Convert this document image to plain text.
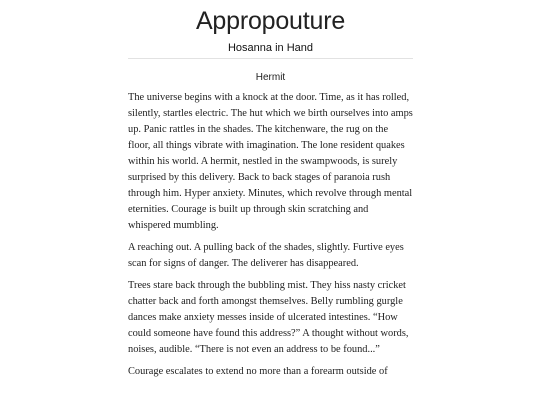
Appropouture
Hosanna in Hand
Hermit

The universe begins with a knock at the door. Time, as it has rolled, silently, startles electric. The hut which we birth ourselves into amps up. Panic rattles in the shades. The kitchenware, the rug on the floor, all things vibrate with imagination. The lone resident quakes within his world. A hermit, nestled in the swampwoods, is surely surprised by this delivery. Back to back stages of paranoia rush through him. Hyper anxiety. Minutes, which revolve through mental eternities. Courage is built up through skin scratching and whispered mumbling.

A reaching out. A pulling back of the shades, slightly. Furtive eyes scan for signs of danger. The deliverer has disappeared.

Trees stare back through the bubbling mist. They hiss nasty cricket chatter back and forth amongst themselves. Belly rumbling gurgle dances make anxiety messes inside of ulcerated intestines. “How could someone have found this address?” A thought without words, noises, audible. “There is not even an address to be found...”

Courage escalates to extend no more than a forearm outside of
